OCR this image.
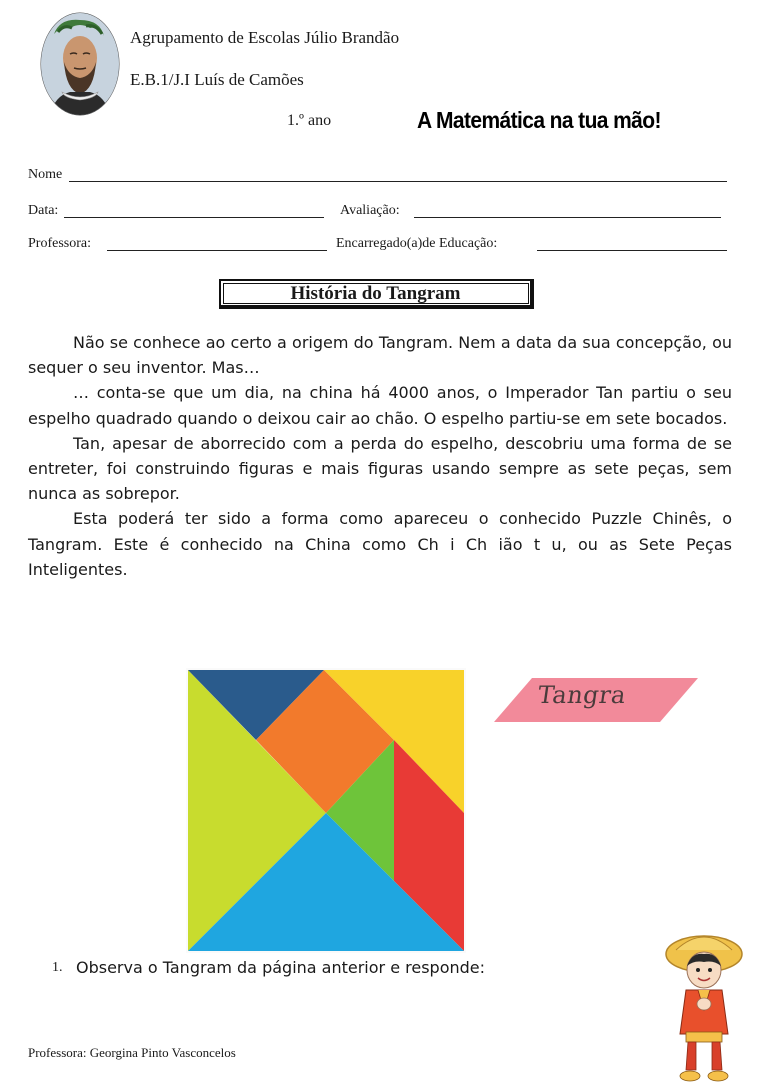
Agrupamento de Escolas Júlio Brandão
E.B.1/J.I Luís de Camões
1.º ano	A Matemática na tua mão!
Nome
Data:	Avaliação:
Professora:	Encarregado(a)de Educação:
História do Tangram

Não se conhece ao certo a origem do Tangram. Nem a data da sua concepção, ou sequer o seu inventor. Mas…

… conta-se que um dia, na china há 4000 anos, o Imperador Tan partiu o seu espelho quadrado quando o deixou cair ao chão. O espelho partiu-se em sete bocados.

Tan, apesar de aborrecido com a perda do espelho, descobriu uma forma de se entreter, foi construindo figuras e mais figuras usando sempre as sete peças, sem nunca as sobrepor.

Esta poderá ter sido a forma como apareceu o conhecido Puzzle Chinês, o Tangram. Este é conhecido na China como Ch i Ch ião t u, ou as Sete Peças Inteligentes.

Tangra
1. Observa o Tangram da página anterior e responde:
Professora: Georgina Pinto Vasconcelos
